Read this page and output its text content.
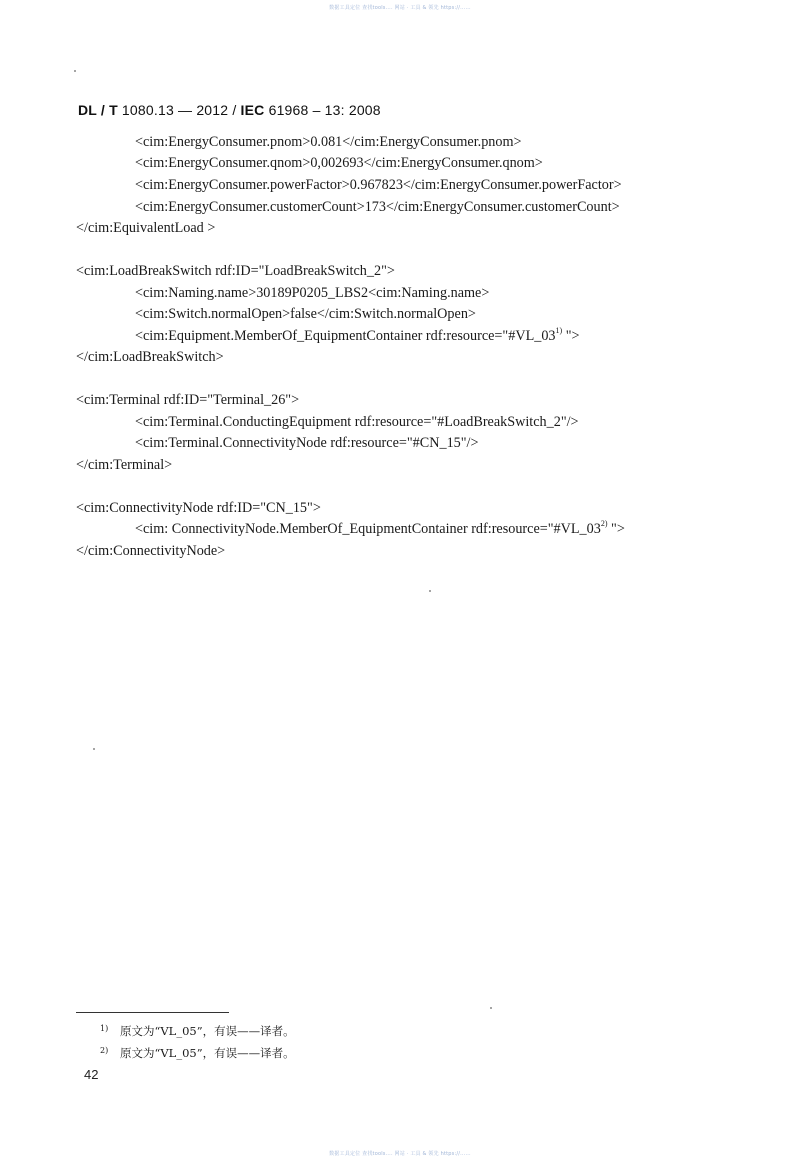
数据工具定位 查找tools.... 网站 · 工具 & 领先 https://......
DL / T 1080.13 — 2012 / IEC 61968 – 13: 2008
<cim:EnergyConsumer.pnom>0.081</cim:EnergyConsumer.pnom>
<cim:EnergyConsumer.qnom>0,002693</cim:EnergyConsumer.qnom>
<cim:EnergyConsumer.powerFactor>0.967823</cim:EnergyConsumer.powerFactor>
<cim:EnergyConsumer.customerCount>173</cim:EnergyConsumer.customerCount>
</cim:EquivalentLoad >
<cim:LoadBreakSwitch rdf:ID="LoadBreakSwitch_2">
<cim:Naming.name>30189P0205_LBS2<cim:Naming.name>
<cim:Switch.normalOpen>false</cim:Switch.normalOpen>
<cim:Equipment.MemberOf_EquipmentContainer rdf:resource="#VL_03$^{1)}$ ">
</cim:LoadBreakSwitch>
<cim:Terminal rdf:ID="Terminal_26">
<cim:Terminal.ConductingEquipment rdf:resource="#LoadBreakSwitch_2"/>
<cim:Terminal.ConnectivityNode rdf:resource="#CN_15"/>
</cim:Terminal>
<cim:ConnectivityNode rdf:ID="CN_15">
<cim: ConnectivityNode.MemberOf_EquipmentContainer rdf:resource="#VL_03$^{2)}$ ">
</cim:ConnectivityNode>
1) 原文为“VL_05”，有误——译者。
2) 原文为“VL_05”，有误——译者。
42
数据工具定位 查找tools.... 网站 · 工具 & 领先 https://......
